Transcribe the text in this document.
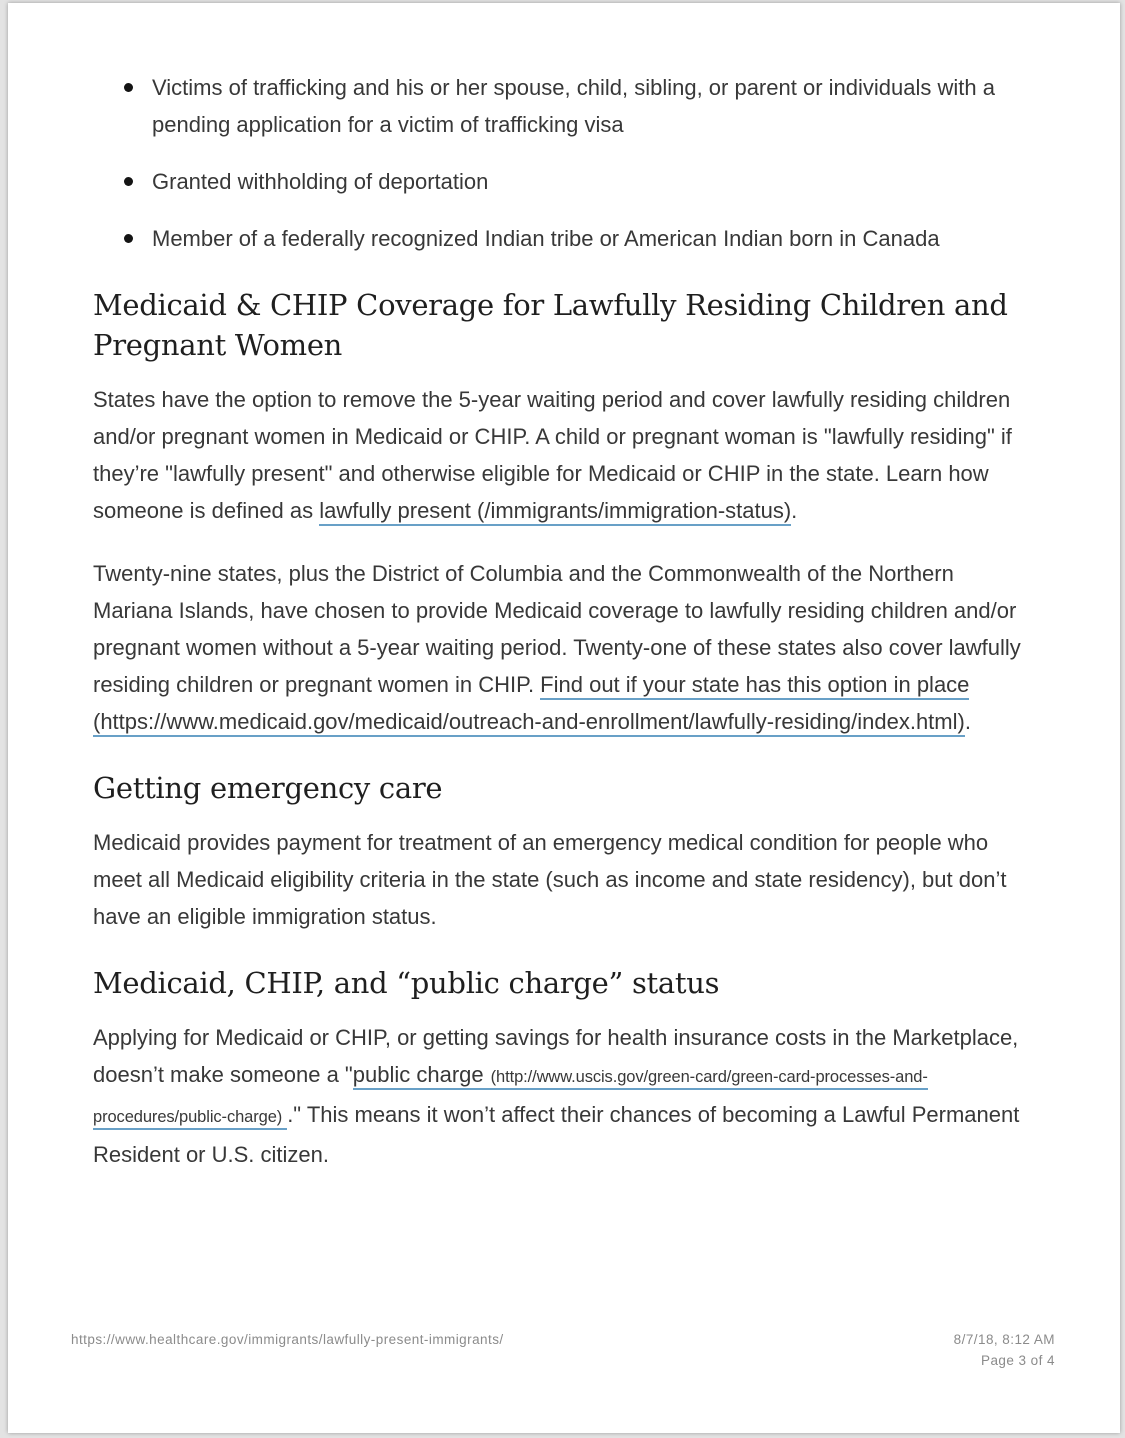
Victims of trafficking and his or her spouse, child, sibling, or parent or individuals with a pending application for a victim of trafficking visa
Granted withholding of deportation
Member of a federally recognized Indian tribe or American Indian born in Canada
Medicaid & CHIP Coverage for Lawfully Residing Children and Pregnant Women

States have the option to remove the 5-year waiting period and cover lawfully residing children and/or pregnant women in Medicaid or CHIP. A child or pregnant woman is "lawfully residing" if they’re "lawfully present" and otherwise eligible for Medicaid or CHIP in the state. Learn how someone is defined as lawfully present (/immigrants/immigration-status).

Twenty-nine states, plus the District of Columbia and the Commonwealth of the Northern Mariana Islands, have chosen to provide Medicaid coverage to lawfully residing children and/or pregnant women without a 5-year waiting period. Twenty-one of these states also cover lawfully residing children or pregnant women in CHIP. Find out if your state has this option in place (https://www.medicaid.gov/medicaid/outreach-and-enrollment/lawfully-residing/index.html).

Getting emergency care

Medicaid provides payment for treatment of an emergency medical condition for people who meet all Medicaid eligibility criteria in the state (such as income and state residency), but don’t have an eligible immigration status.

Medicaid, CHIP, and “public charge” status

Applying for Medicaid or CHIP, or getting savings for health insurance costs in the Marketplace, doesn’t make someone a "public charge (http://www.uscis.gov/green-card/green-card-processes-and-procedures/public-charge) ." This means it won’t affect their chances of becoming a Lawful Permanent Resident or U.S. citizen.

https://www.healthcare.gov/immigrants/lawfully-present-immigrants/	8/7/18, 8:12 AM
Page 3 of 4
